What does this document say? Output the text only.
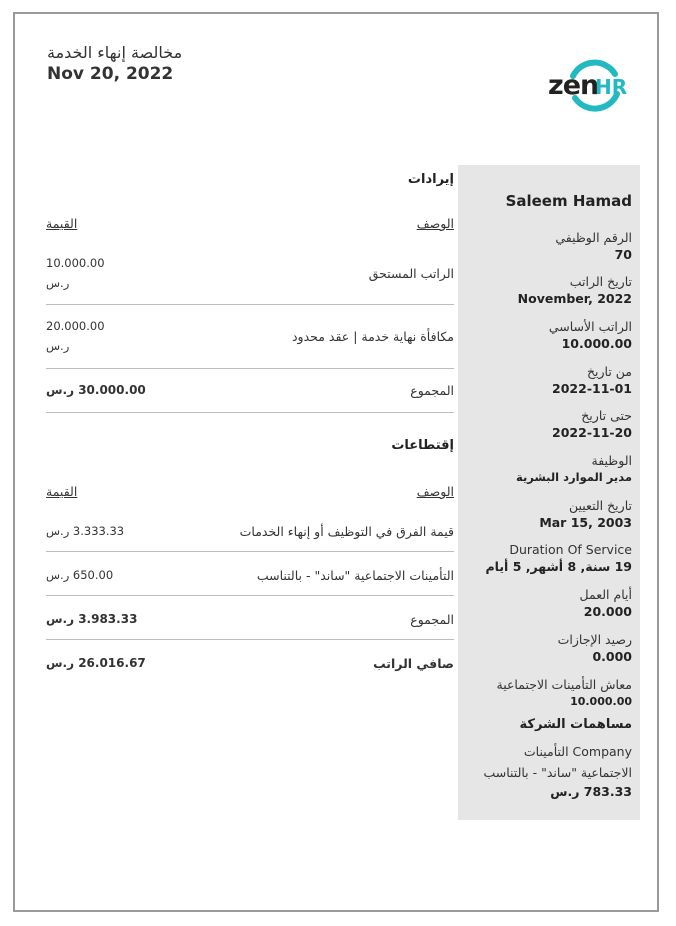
مخالصة إنهاء الخدمة
Nov 20, 2022	zen
HR
Saleem Hamad
الرقم الوظيفي
70
تاريخ الراتب
November, 2022
الراتب الأساسي
10.000.00
من تاريخ
2022-11-01
حتى تاريخ
2022-11-20
الوظيفة
مدير الموارد البشرية
تاريخ التعيين
Mar 15, 2003
Duration Of Service
19 سنة, 8 أشهر, 5 أيام
أيام العمل
20.000
رصيد الإجازات
0.000
معاش التأمينات الاجتماعية
10.000.00
مساهمات الشركة
Company التأمينات
الاجتماعية "ساند" - بالتناسب
783.33 ر.س
إيرادات
الوصف
القيمة
الراتب المستحق
10.000.00
ر.س
مكافأة نهاية خدمة | عقد محدود
20.000.00
ر.س
المجموع
30.000.00 ر.س
إقتطاعات
الوصف
القيمة
قيمة الفرق في التوظيف أو إنهاء الخدمات
3.333.33 ر.س
التأمينات الاجتماعية "ساند" - بالتناسب
650.00 ر.س
المجموع
3.983.33 ر.س
صافي الراتب
26.016.67 ر.س
